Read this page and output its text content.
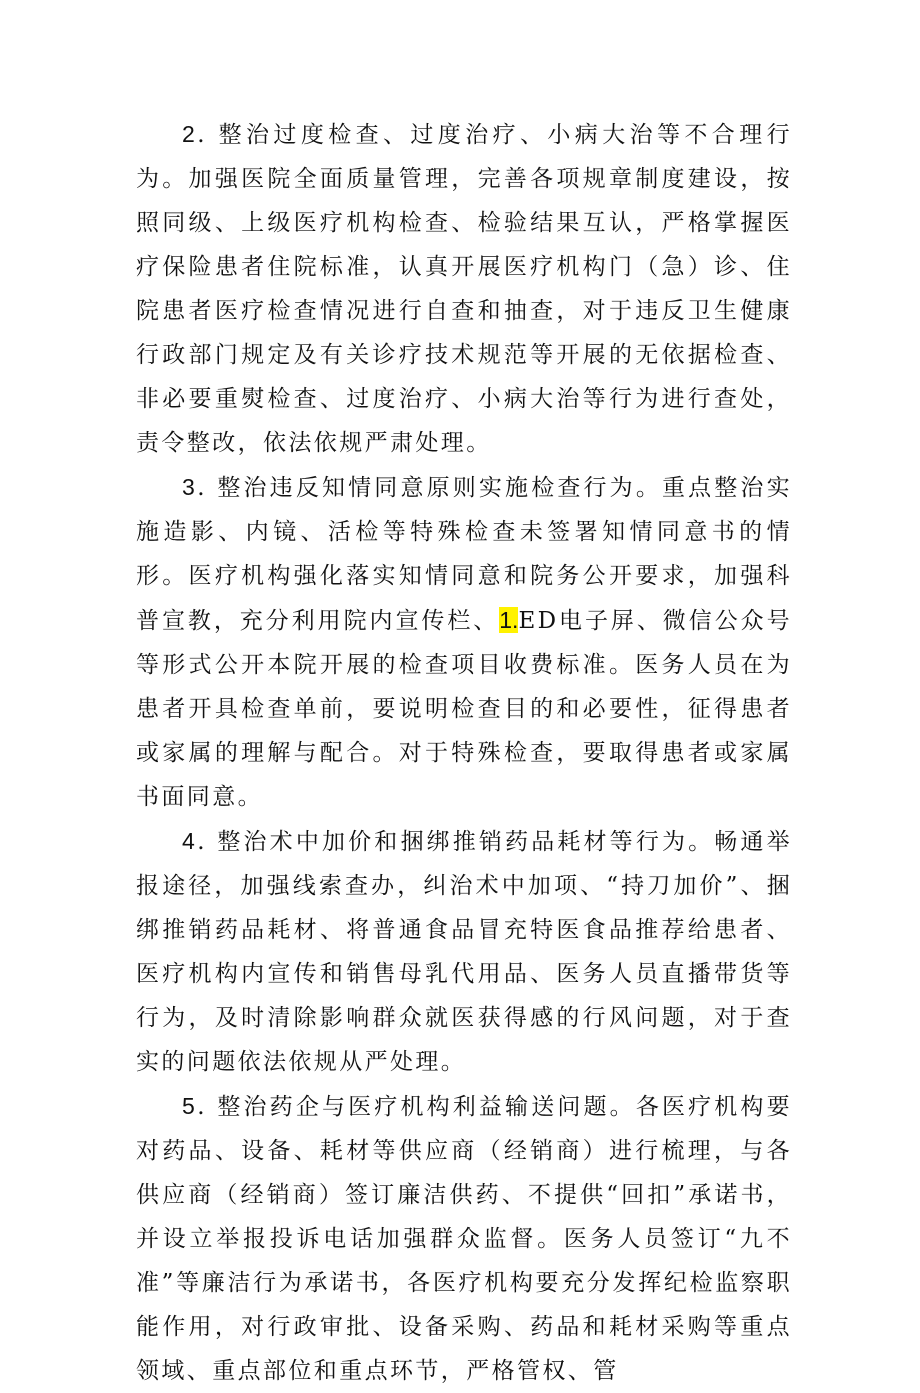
2. 整治过度检查、过度治疗、小病大治等不合理行为。加强医院全面质量管理，完善各项规章制度建设，按照同级、上级医疗机构检查、检验结果互认，严格掌握医疗保险患者住院标准，认真开展医疗机构门（急）诊、住院患者医疗检查情况进行自查和抽查，对于违反卫生健康行政部门规定及有关诊疗技术规范等开展的无依据检查、非必要重熨检查、过度治疗、小病大治等行为进行查处，责令整改，依法依规严肃处理。

3. 整治违反知情同意原则实施检查行为。重点整治实施造影、内镜、活检等特殊检查未签署知情同意书的情形。医疗机构强化落实知情同意和院务公开要求，加强科普宣教，充分利用院内宣传栏、1.ED电子屏、微信公众号等形式公开本院开展的检查项目收费标准。医务人员在为患者开具检查单前，要说明检查目的和必要性，征得患者或家属的理解与配合。对于特殊检查，要取得患者或家属书面同意。

4. 整治术中加价和捆绑推销药品耗材等行为。畅通举报途径，加强线索查办，纠治术中加项、“持刀加价”、捆绑推销药品耗材、将普通食品冒充特医食品推荐给患者、医疗机构内宣传和销售母乳代用品、医务人员直播带货等行为，及时清除影响群众就医获得感的行风问题，对于查实的问题依法依规从严处理。

5. 整治药企与医疗机构利益输送问题。各医疗机构要对药品、设备、耗材等供应商（经销商）进行梳理，与各供应商（经销商）签订廉洁供药、不提供“回扣”承诺书，并设立举报投诉电话加强群众监督。医务人员签订“九不准”等廉洁行为承诺书，各医疗机构要充分发挥纪检监察职能作用，对行政审批、设备采购、药品和耗材采购等重点领域、重点部位和重点环节，严格管权、管
